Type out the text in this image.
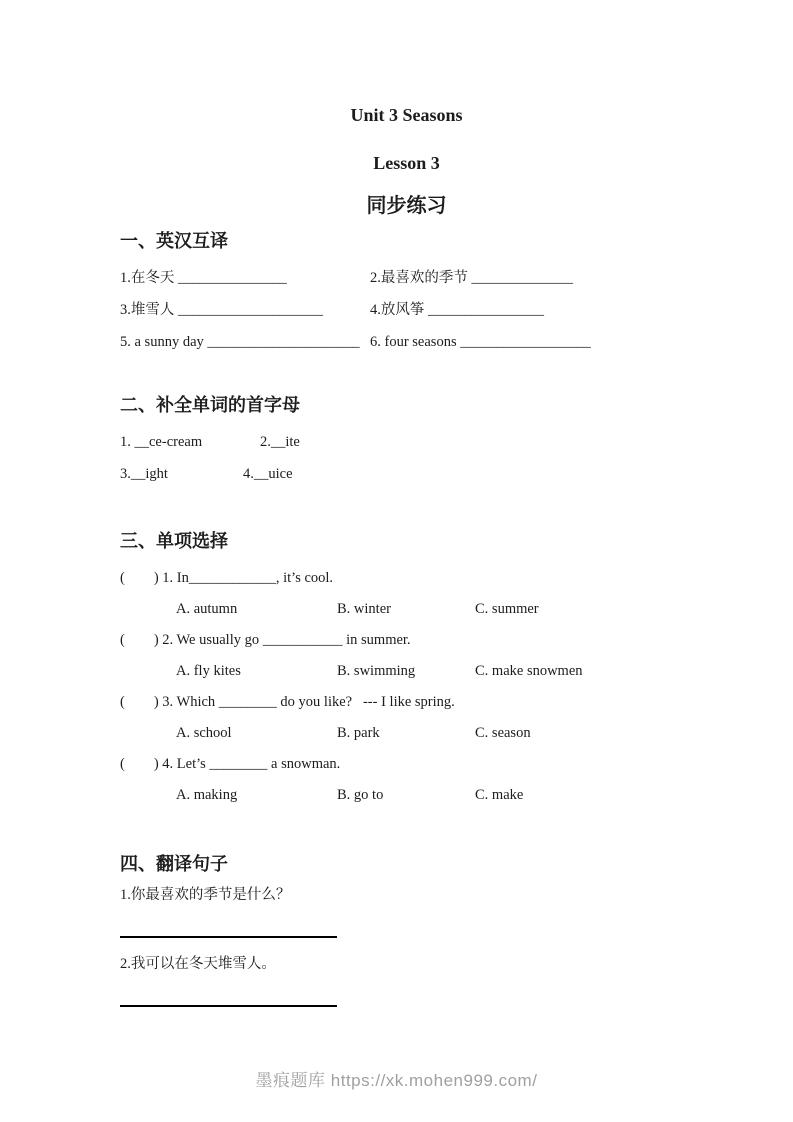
Unit 3 Seasons
Lesson 3
同步练习
一、英汉互译
1.在冬天 _______________	2.最喜欢的季节 ______________
3.堆雪人 ____________________	4.放风筝 ________________
5. a sunny day _____________________ 6. four seasons __________________
二、补全单词的首字母
1. __ce-cream	2.__ite
3.__ight	4.__uice
三、单项选择
(　　) 1. In____________, it’s cool.
A. autumn	B. winter	C. summer
(　　) 2. We usually go ___________ in summer.
A. fly kites	B. swimming	C. make snowmen
(　　) 3. Which ________ do you like?   --- I like spring.
A. school	B. park	C. season
(　　) 4. Let’s ________ a snowman.
A. making	B. go to	C. make
四、翻译句子
1.你最喜欢的季节是什么？
2.我可以在冬天堆雪人。
墨痕题库 https://xk.mohen999.com/
